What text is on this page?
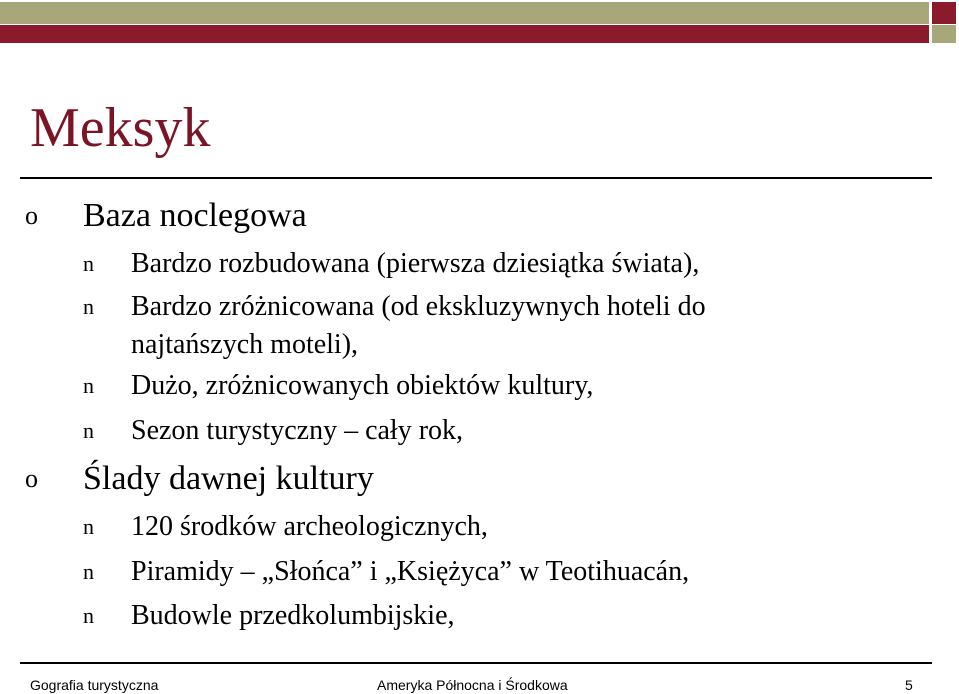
Meksyk
o Baza noclegowa
n Bardzo rozbudowana (pierwsza dziesiątka świata),
n Bardzo zróżnicowana (od ekskluzywnych hoteli do
najtańszych moteli),
n Dużo, zróżnicowanych obiektów kultury,
n Sezon turystyczny – cały rok,
o Ślady dawnej kultury
n 120 środków archeologicznych,
n Piramidy – „Słońca” i „Księżyca” w Teotihuacán,
n Budowle przedkolumbijskie,
Gografia turystyczna	Ameryka Północna i Środkowa	5
